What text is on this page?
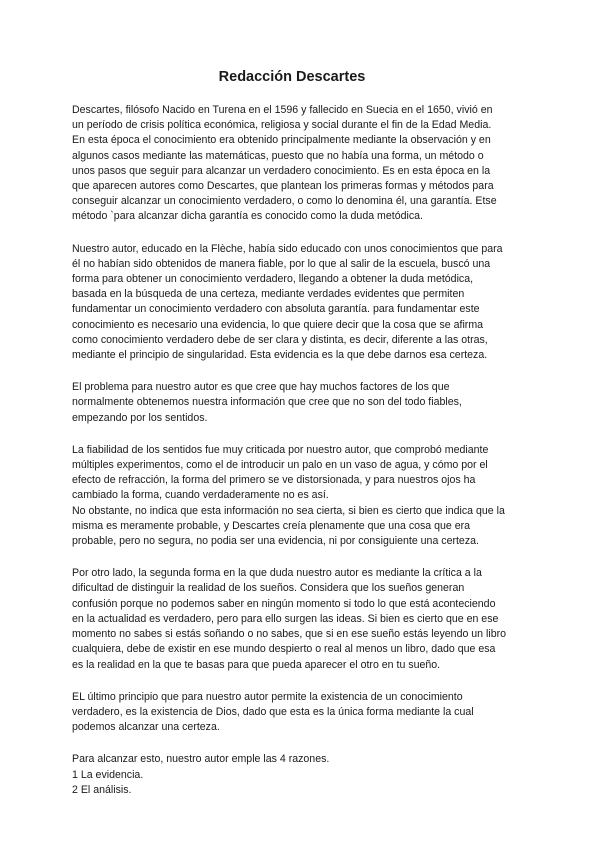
Redacción Descartes
Descartes, filósofo Nacido en Turena en el 1596 y fallecido en Suecia en el 1650, vivió en
un período de crisis política económica, religiosa y social durante el fin de la Edad Media.
En esta época el conocimiento era obtenido principalmente mediante la observación y en
algunos casos mediante las matemáticas, puesto que no había una forma, un método o
unos pasos que seguir para alcanzar un verdadero conocimiento. Es en esta época en la
que aparecen autores como Descartes, que plantean los primeras formas y métodos para
conseguir alcanzar un conocimiento verdadero, o como lo denomina él, una garantía. Etse
método `para alcanzar dicha garantía es conocido como la duda metódica.
Nuestro autor, educado en la Flèche, había sido educado con unos conocimientos que para
él no habían sido obtenidos de manera fiable, por lo que al salir de la escuela, buscó una
forma para obtener un conocimiento verdadero, llegando a obtener la duda metódica,
basada en la búsqueda de una certeza, mediante verdades evidentes que permiten
fundamentar un conocimiento verdadero con absoluta garantía. para fundamentar este
conocimiento es necesario una evidencia, lo que quiere decir que la cosa que se afirma
como conocimiento verdadero debe de ser clara y distinta, es decir, diferente a las otras,
mediante el principio de singularidad. Esta evidencia es la que debe darnos esa certeza.
El problema para nuestro autor es que cree que hay muchos factores de los que
normalmente obtenemos nuestra información que cree que no son del todo fiables,
empezando por los sentidos.
La fiabilidad de los sentidos fue muy criticada por nuestro autor, que comprobó mediante
múltiples experimentos, como el de introducir un palo en un vaso de agua, y cómo por el
efecto de refracción, la forma del primero se ve distorsionada, y para nuestros ojos ha
cambiado la forma, cuando verdaderamente no es así.
No obstante, no indica que esta información no sea cierta, si bien es cierto que indica que la
misma es meramente probable, y Descartes creía plenamente que una cosa que era
probable, pero no segura, no podia ser una evidencia, ni por consiguiente una certeza.
Por otro lado, la segunda forma en la que duda nuestro autor es mediante la crítica a la
dificultad de distinguir la realidad de los sueños. Considera que los sueños generan
confusión porque no podemos saber en ningún momento si todo lo que está aconteciendo
en la actualidad es verdadero, pero para ello surgen las ideas. Si bien es cierto que en ese
momento no sabes si estás soñando o no sabes, que si en ese sueño estás leyendo un libro
cualquiera, debe de existir en ese mundo despierto o real al menos un libro, dado que esa
es la realidad en la que te basas para que pueda aparecer el otro en tu sueño.
EL último principio que para nuestro autor permite la existencia de un conocimiento
verdadero, es la existencia de Dios, dado que esta es la única forma mediante la cual
podemos alcanzar una certeza.
Para alcanzar esto, nuestro autor emple las 4 razones.
1 La evidencia.
2 El análisis.
